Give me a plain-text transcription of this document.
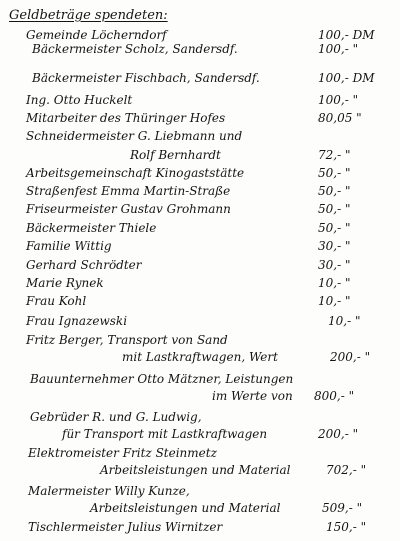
Geldbeträge spendeten:
Gemeinde Löcherndorf	100,- DM
Bäckermeister Scholz, Sandersdf.	100,- "
Bäckermeister Fischbach, Sandersdf.	100,- DM
Ing. Otto Huckelt	100,- "
Mitarbeiter des Thüringer Hofes	80,05 "
Schneidermeister G. Liebmann und
Rolf Bernhardt	72,- "
Arbeitsgemeinschaft Kinogaststätte	50,- "
Straßenfest Emma Martin-Straße	50,- "
Friseurmeister Gustav Grohmann	50,- "
Bäckermeister Thiele	50,- "
Familie Wittig	30,- "
Gerhard Schrödter	30,- "
Marie Rynek	10,- "
Frau Kohl	10,- "
Frau Ignazewski	10,- "
Fritz Berger, Transport von Sand
mit Lastkraftwagen, Wert	200,- "
Bauunternehmer Otto Mätzner, Leistungen
im Werte von 800,- "
Gebrüder R. und G. Ludwig,
für Transport mit Lastkraftwagen	200,- "
Elektromeister Fritz Steinmetz
Arbeitsleistungen und Material	702,- "
Malermeister Willy Kunze,
Arbeitsleistungen und Material	509,- "
Tischlermeister Julius Wirnitzer	150,- "
